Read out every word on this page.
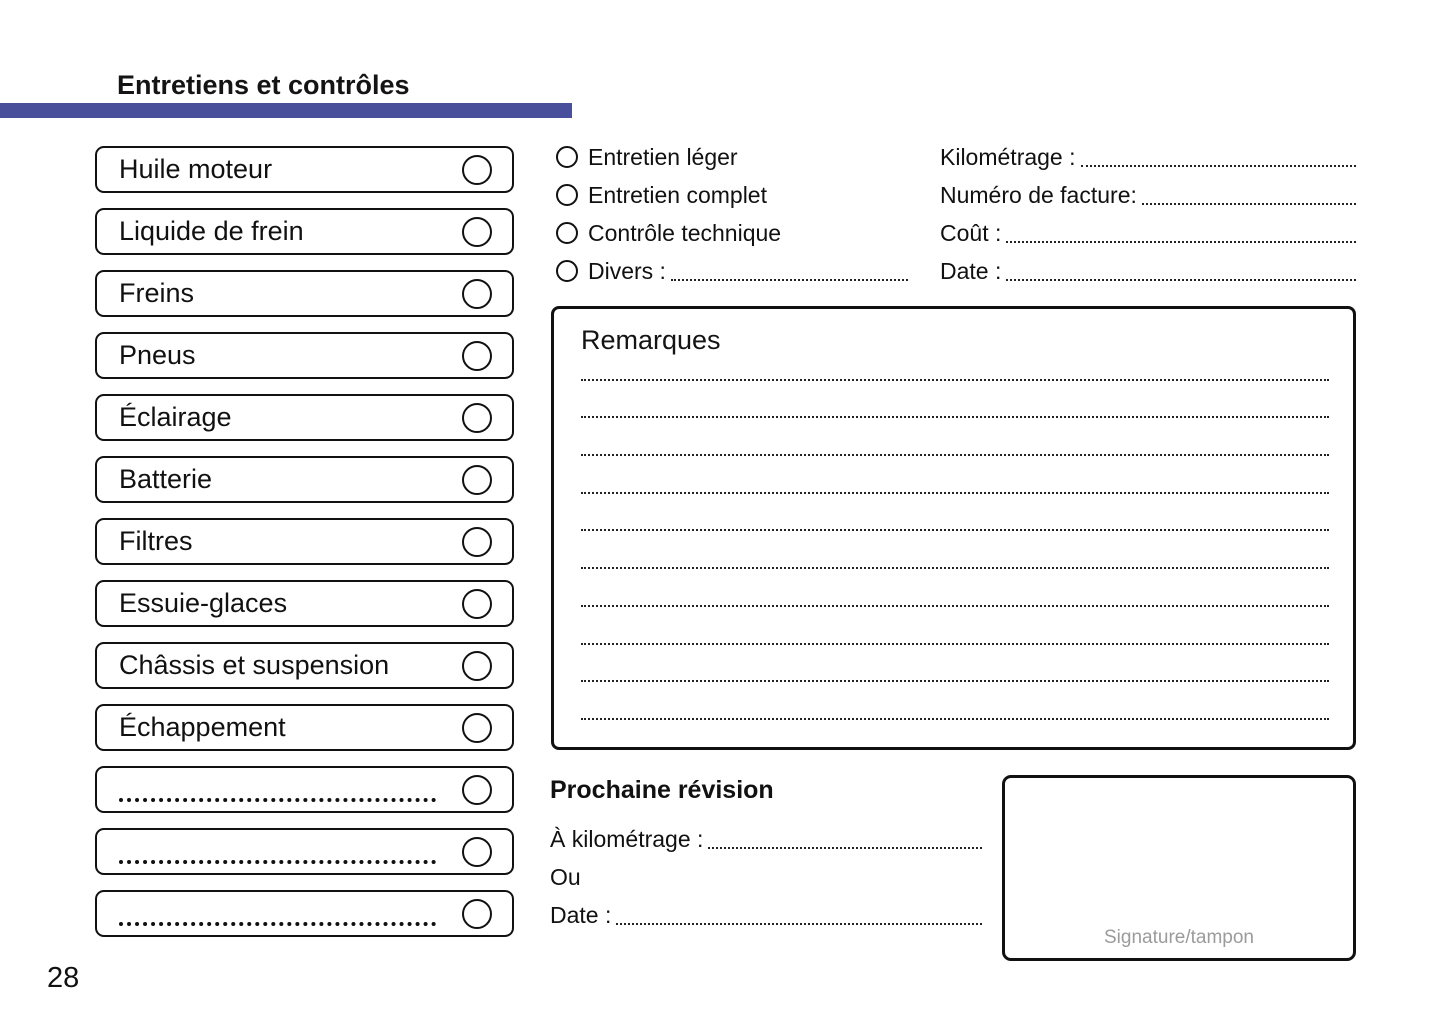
Entretiens et contrôles
Huile moteur
Liquide de frein
Freins
Pneus
Éclairage
Batterie
Filtres
Essuie-glaces
Châssis et suspension
Échappement
Entretien léger
Entretien complet
Contrôle technique
Divers :
Kilométrage :
Numéro de facture:
Coût :
Date :
Remarques
Prochaine révision
À kilométrage :
Ou
Date :
Signature/tampon
28
